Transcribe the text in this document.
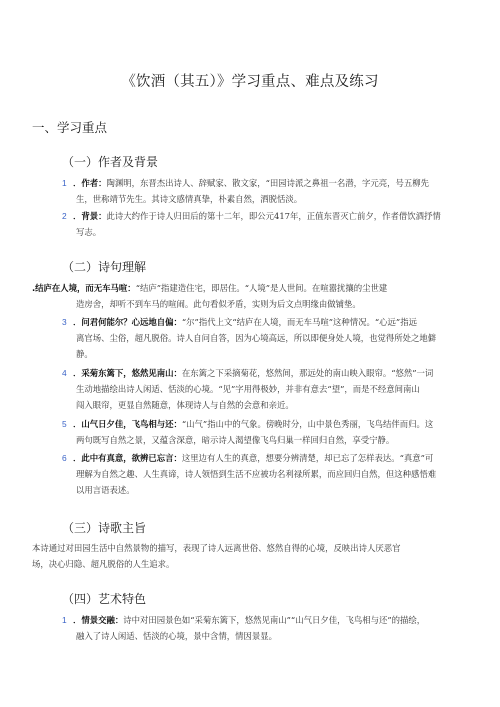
《饮酒（其五）》学习重点、难点及练习
一、学习重点
（一）作者及背景
1 ．作者：陶渊明，东晋杰出诗人、辞赋家、散文家，“田园诗派之鼻祖一名潜，字元亮，号五柳先
生，世称靖节先生。其诗文感情真挚，朴素自然，洒脱恬淡。
2 ．背景：此诗大约作于诗人归田后的第十二年，即公元417年，正值东晋灭亡前夕，作者借饮酒抒情
写志。
（二）诗句理解
.结庐在人境，而无车马喧：“结庐”指建造住宅，即居住。“人境”是人世间。在喧嚣扰攘的尘世建
造房舍，却听不到车马的喧闹。此句看似矛盾，实则为后文点明缘由做铺垫。
3 ．问君何能尔？心远地自偏：“尔”指代上文“结庐在人境，而无车马喧”这种情况。“心远”指远
离官场、尘俗，超凡脱俗。诗人自问自答，因为心境高远，所以即便身处人境，也觉得所处之地僻
静。
4 ．采菊东篱下，悠然见南山：在东篱之下采摘菊花，悠然间，那远处的南山映入眼帘。“悠然”一词
生动地描绘出诗人闲适、恬淡的心境。“见”字用得极妙，并非有意去“望”，而是不经意间南山
闯入眼帘，更显自然随意，体现诗人与自然的会意和亲近。
5 ．山气日夕佳，飞鸟相与还：“山气”指山中的气象。傍晚时分，山中景色秀丽，飞鸟结伴而归。这
两句既写自然之景，又蕴含深意，暗示诗人渴望像飞鸟归巢一样回归自然，享受宁静。
6 ．此中有真意，欲辨已忘言：这里边有人生的真意，想要分辨清楚，却已忘了怎样表达。“真意”可
理解为自然之趣、人生真谛，诗人领悟到生活不应被功名利禄所累，而应回归自然，但这种感悟难
以用言语表述。
（三）诗歌主旨
本诗通过对田园生活中自然景物的描写，表现了诗人远离世俗、悠然自得的心境，反映出诗人厌恶官
场，决心归隐、超凡脱俗的人生追求。
（四）艺术特色
1 ．情景交融：诗中对田园景色如“采菊东篱下，悠然见南山”“山气日夕佳，飞鸟相与还”的描绘，
融入了诗人闲适、恬淡的心境，景中含情，情因景显。
